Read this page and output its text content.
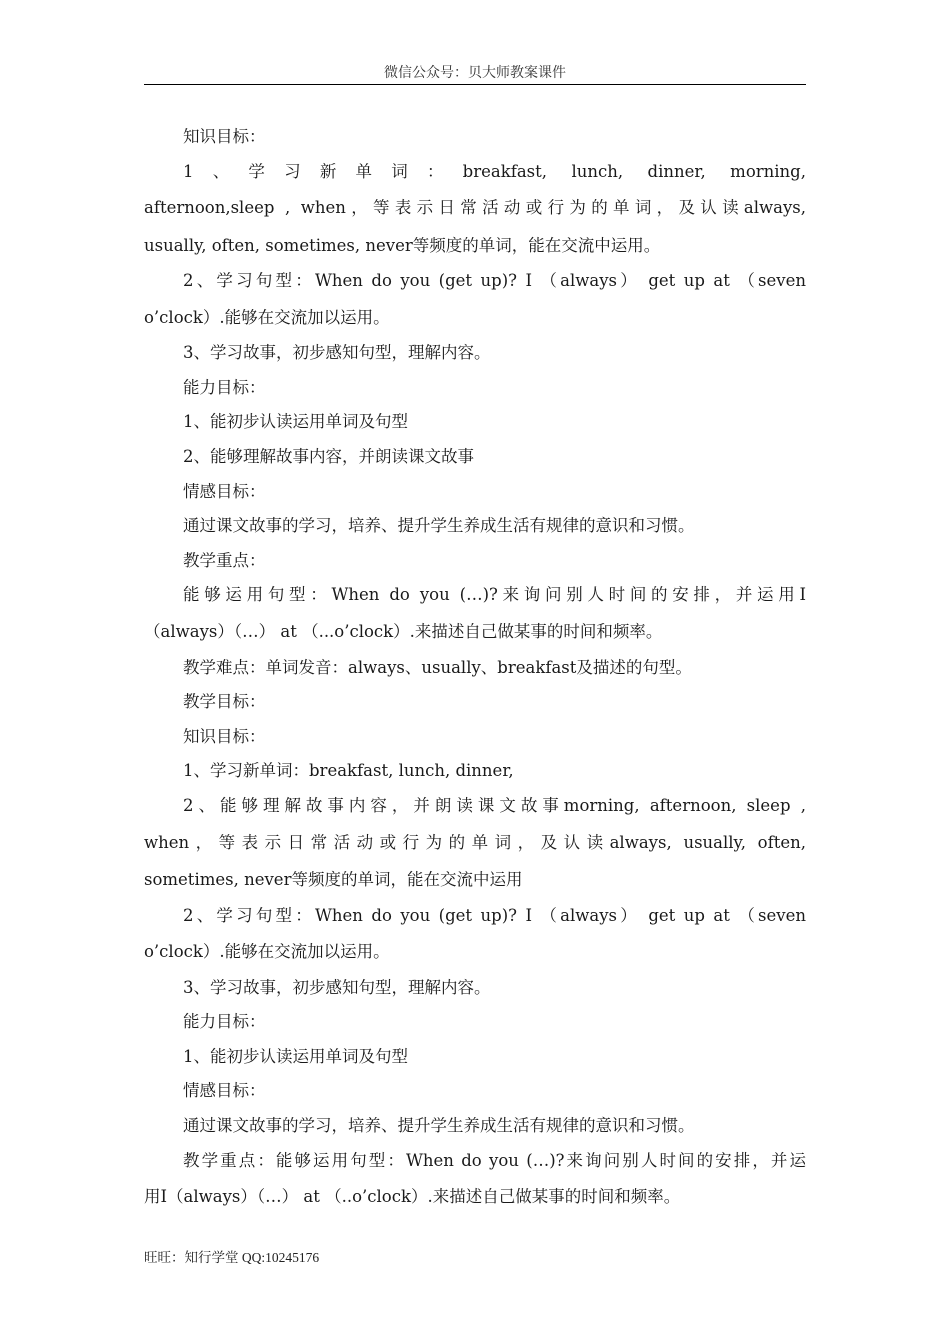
微信公众号：贝大师教案课件
知识目标：
1、学习新单词：breakfast, lunch, dinner, morning,
afternoon,sleep , when，等表示日常活动或行为的单词，及认读always,
usually, often, sometimes, never等频度的单词，能在交流中运用。
2、学习句型：When do you (get up)? I （always） get up at （seven
o’clock）.能够在交流加以运用。
3、学习故事，初步感知句型，理解内容。
能力目标：
1、能初步认读运用单词及句型
2、能够理解故事内容，并朗读课文故事
情感目标：
通过课文故事的学习，培养、提升学生养成生活有规律的意识和习惯。
教学重点：
能够运用句型：When do you (…)?来询问别人时间的安排，并运用I
（always）（…） at （...o’clock）.来描述自己做某事的时间和频率。
教学难点：单词发音：always、usually、breakfast及描述的句型。
教学目标：
知识目标：
1、学习新单词：breakfast, lunch, dinner,
2、能够理解故事内容，并朗读课文故事morning, afternoon, sleep ,
when，等表示日常活动或行为的单词，及认读always, usually, often,
sometimes, never等频度的单词，能在交流中运用
2、学习句型：When do you (get up)? I （always） get up at （seven
o’clock）.能够在交流加以运用。
3、学习故事，初步感知句型，理解内容。
能力目标：
1、能初步认读运用单词及句型
情感目标：
通过课文故事的学习，培养、提升学生养成生活有规律的意识和习惯。
教学重点：能够运用句型：When do you (…)?来询问别人时间的安排，并运
用I（always）（…） at （..o’clock）.来描述自己做某事的时间和频率。
旺旺：知行学堂 QQ:10245176
